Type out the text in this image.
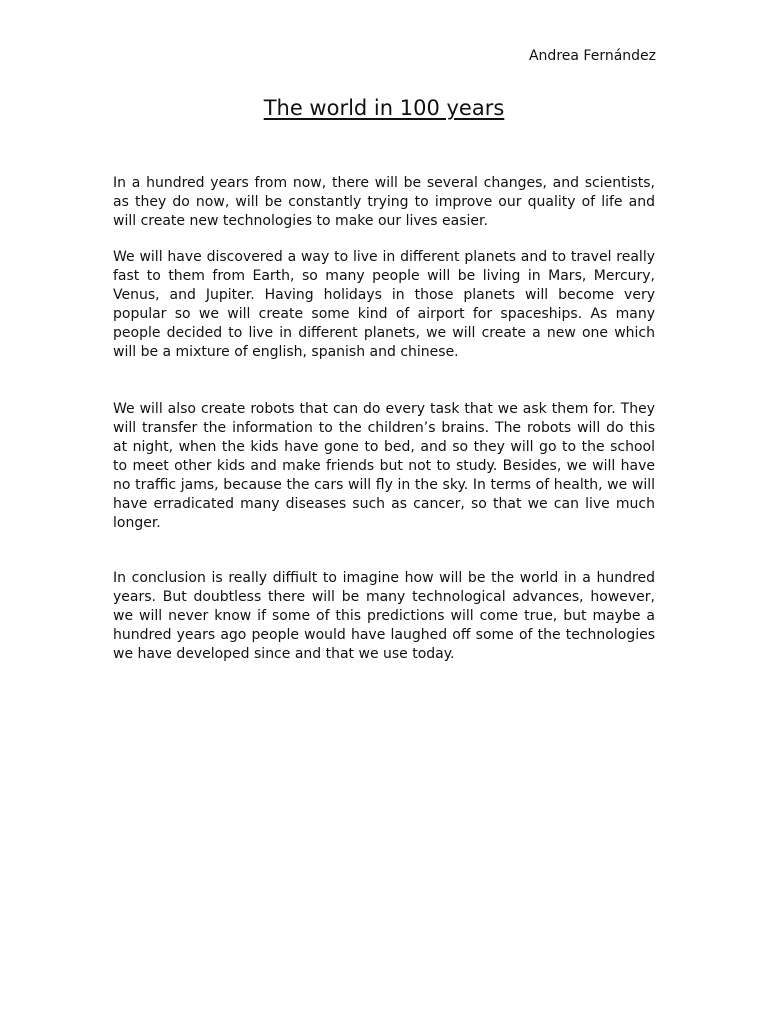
Andrea Fernández
The world in 100 years

In a hundred years from now, there will be several changes, and scientists, as they do now, will be constantly trying to improve our quality of life and will create new technologies to make our lives easier.

We will have discovered a way to live in different planets and to travel really fast to them from Earth, so many people will be living in Mars, Mercury, Venus, and Jupiter. Having holidays in those planets will become very popular so we will create some kind of airport for spaceships. As many people decided to live in different planets, we will create a new one which will be a mixture of english, spanish and chinese.

We will also create robots that can do every task that we ask them for. They will transfer the information to the children’s brains. The robots will do this at night, when the kids have gone to bed, and so they will go to the school to meet other kids and make friends but not to study. Besides, we will have no traffic jams, because the cars will fly in the sky. In terms of health, we will have erradicated many diseases such as cancer, so that we can live much longer.

In conclusion is really diffiult to imagine how will be the world in a hundred years. But doubtless there will be many technological advances, however, we will never know if some of this predictions will come true, but maybe a hundred years ago people would have laughed off some of the technologies we have developed since and that we use today.
